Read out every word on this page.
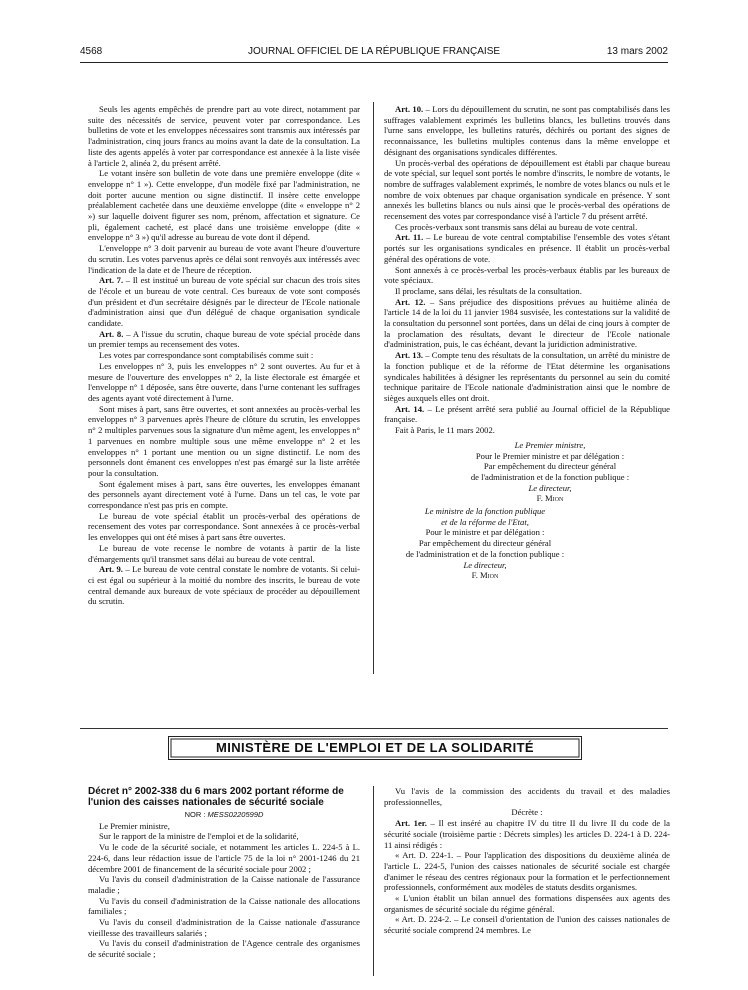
4568	JOURNAL OFFICIEL DE LA RÉPUBLIQUE FRANÇAISE	13 mars 2002

Seuls les agents empêchés de prendre part au vote direct, notamment par suite des nécessités de service, peuvent voter par correspondance. Les bulletins de vote et les enveloppes nécessaires sont transmis aux intéressés par l'administration, cinq jours francs au moins avant la date de la consultation. La liste des agents appelés à voter par correspondance est annexée à la liste visée à l'article 2, alinéa 2, du présent arrêté.

Le votant insère son bulletin de vote dans une première enveloppe (dite « enveloppe n° 1 »). Cette enveloppe, d'un modèle fixé par l'administration, ne doit porter aucune mention ou signe distinctif. Il insère cette enveloppe préalablement cachetée dans une deuxième enveloppe (dite « enveloppe n° 2 ») sur laquelle doivent figurer ses nom, prénom, affectation et signature. Ce pli, également cacheté, est placé dans une troisième enveloppe (dite « enveloppe n° 3 ») qu'il adresse au bureau de vote dont il dépend.

L'enveloppe n° 3 doit parvenir au bureau de vote avant l'heure d'ouverture du scrutin. Les votes parvenus après ce délai sont renvoyés aux intéressés avec l'indication de la date et de l'heure de réception.

Art. 7. – Il est institué un bureau de vote spécial sur chacun des trois sites de l'école et un bureau de vote central. Ces bureaux de vote sont composés d'un président et d'un secrétaire désignés par le directeur de l'Ecole nationale d'administration ainsi que d'un délégué de chaque organisation syndicale candidate.

Art. 8. – A l'issue du scrutin, chaque bureau de vote spécial procède dans un premier temps au recensement des votes.

Les votes par correspondance sont comptabilisés comme suit :

Les enveloppes n° 3, puis les enveloppes n° 2 sont ouvertes. Au fur et à mesure de l'ouverture des enveloppes n° 2, la liste électorale est émargée et l'enveloppe n° 1 déposée, sans être ouverte, dans l'urne contenant les suffrages des agents ayant voté directement à l'urne.

Sont mises à part, sans être ouvertes, et sont annexées au procès-verbal les enveloppes n° 3 parvenues après l'heure de clôture du scrutin, les enveloppes n° 2 multiples parvenues sous la signature d'un même agent, les enveloppes n° 1 parvenues en nombre multiple sous une même enveloppe n° 2 et les enveloppes n° 1 portant une mention ou un signe distinctif. Le nom des personnels dont émanent ces enveloppes n'est pas émargé sur la liste arrêtée pour la consultation.

Sont également mises à part, sans être ouvertes, les enveloppes émanant des personnels ayant directement voté à l'urne. Dans un tel cas, le vote par correspondance n'est pas pris en compte.

Le bureau de vote spécial établit un procès-verbal des opérations de recensement des votes par correspondance. Sont annexées à ce procès-verbal les enveloppes qui ont été mises à part sans être ouvertes.

Le bureau de vote recense le nombre de votants à partir de la liste d'émargements qu'il transmet sans délai au bureau de vote central.

Art. 9. – Le bureau de vote central constate le nombre de votants. Si celui-ci est égal ou supérieur à la moitié du nombre des inscrits, le bureau de vote central demande aux bureaux de vote spéciaux de procéder au dépouillement du scrutin.

Art. 10. – Lors du dépouillement du scrutin, ne sont pas comptabilisés dans les suffrages valablement exprimés les bulletins blancs, les bulletins trouvés dans l'urne sans enveloppe, les bulletins raturés, déchirés ou portant des signes de reconnaissance, les bulletins multiples contenus dans la même enveloppe et désignant des organisations syndicales différentes.

Un procès-verbal des opérations de dépouillement est établi par chaque bureau de vote spécial, sur lequel sont portés le nombre d'inscrits, le nombre de votants, le nombre de suffrages valablement exprimés, le nombre de votes blancs ou nuls et le nombre de voix obtenues par chaque organisation syndicale en présence. Y sont annexés les bulletins blancs ou nuls ainsi que le procès-verbal des opérations de recensement des votes par correspondance visé à l'article 7 du présent arrêté.

Ces procès-verbaux sont transmis sans délai au bureau de vote central.

Art. 11. – Le bureau de vote central comptabilise l'ensemble des votes s'étant portés sur les organisations syndicales en présence. Il établit un procès-verbal général des opérations de vote.

Sont annexés à ce procès-verbal les procès-verbaux établis par les bureaux de vote spéciaux.

Il proclame, sans délai, les résultats de la consultation.

Art. 12. – Sans préjudice des dispositions prévues au huitième alinéa de l'article 14 de la loi du 11 janvier 1984 susvisée, les contestations sur la validité de la consultation du personnel sont portées, dans un délai de cinq jours à compter de la proclamation des résultats, devant le directeur de l'Ecole nationale d'administration, puis, le cas échéant, devant la juridiction administrative.

Art. 13. – Compte tenu des résultats de la consultation, un arrêté du ministre de la fonction publique et de la réforme de l'Etat détermine les organisations syndicales habilitées à désigner les représentants du personnel au sein du comité technique paritaire de l'Ecole nationale d'administration ainsi que le nombre de sièges auxquels elles ont droit.

Art. 14. – Le présent arrêté sera publié au Journal officiel de la République française.

Fait à Paris, le 11 mars 2002.

Le Premier ministre,

Pour le Premier ministre et par délégation :

Par empêchement du directeur général

de l'administration et de la fonction publique :

Le directeur,

F. Mion

Le ministre de la fonction publique

et de la réforme de l'Etat,

Pour le ministre et par délégation :

Par empêchement du directeur général

de l'administration et de la fonction publique :

Le directeur,

F. Mion

MINISTÈRE DE L'EMPLOI ET DE LA SOLIDARITÉ

Décret n° 2002-338 du 6 mars 2002 portant réforme de l'union des caisses nationales de sécurité sociale

NOR : MESS0220599D

Le Premier ministre,

Sur le rapport de la ministre de l'emploi et de la solidarité,

Vu le code de la sécurité sociale, et notamment les articles L. 224-5 à L. 224-6, dans leur rédaction issue de l'article 75 de la loi n° 2001-1246 du 21 décembre 2001 de financement de la sécurité sociale pour 2002 ;

Vu l'avis du conseil d'administration de la Caisse nationale de l'assurance maladie ;

Vu l'avis du conseil d'administration de la Caisse nationale des allocations familiales ;

Vu l'avis du conseil d'administration de la Caisse nationale d'assurance vieillesse des travailleurs salariés ;

Vu l'avis du conseil d'administration de l'Agence centrale des organismes de sécurité sociale ;

Vu l'avis de la commission des accidents du travail et des maladies professionnelles,

Décrète :

Art. 1er. – Il est inséré au chapitre IV du titre II du livre II du code de la sécurité sociale (troisième partie : Décrets simples) les articles D. 224-1 à D. 224-11 ainsi rédigés :

« Art. D. 224-1. – Pour l'application des dispositions du deuxième alinéa de l'article L. 224-5, l'union des caisses nationales de sécurité sociale est chargée d'animer le réseau des centres régionaux pour la formation et le perfectionnement professionnels, conformément aux modèles de statuts desdits organismes.

« L'union établit un bilan annuel des formations dispensées aux agents des organismes de sécurité sociale du régime général.

« Art. D. 224-2. – Le conseil d'orientation de l'union des caisses nationales de sécurité sociale comprend 24 membres. Le
